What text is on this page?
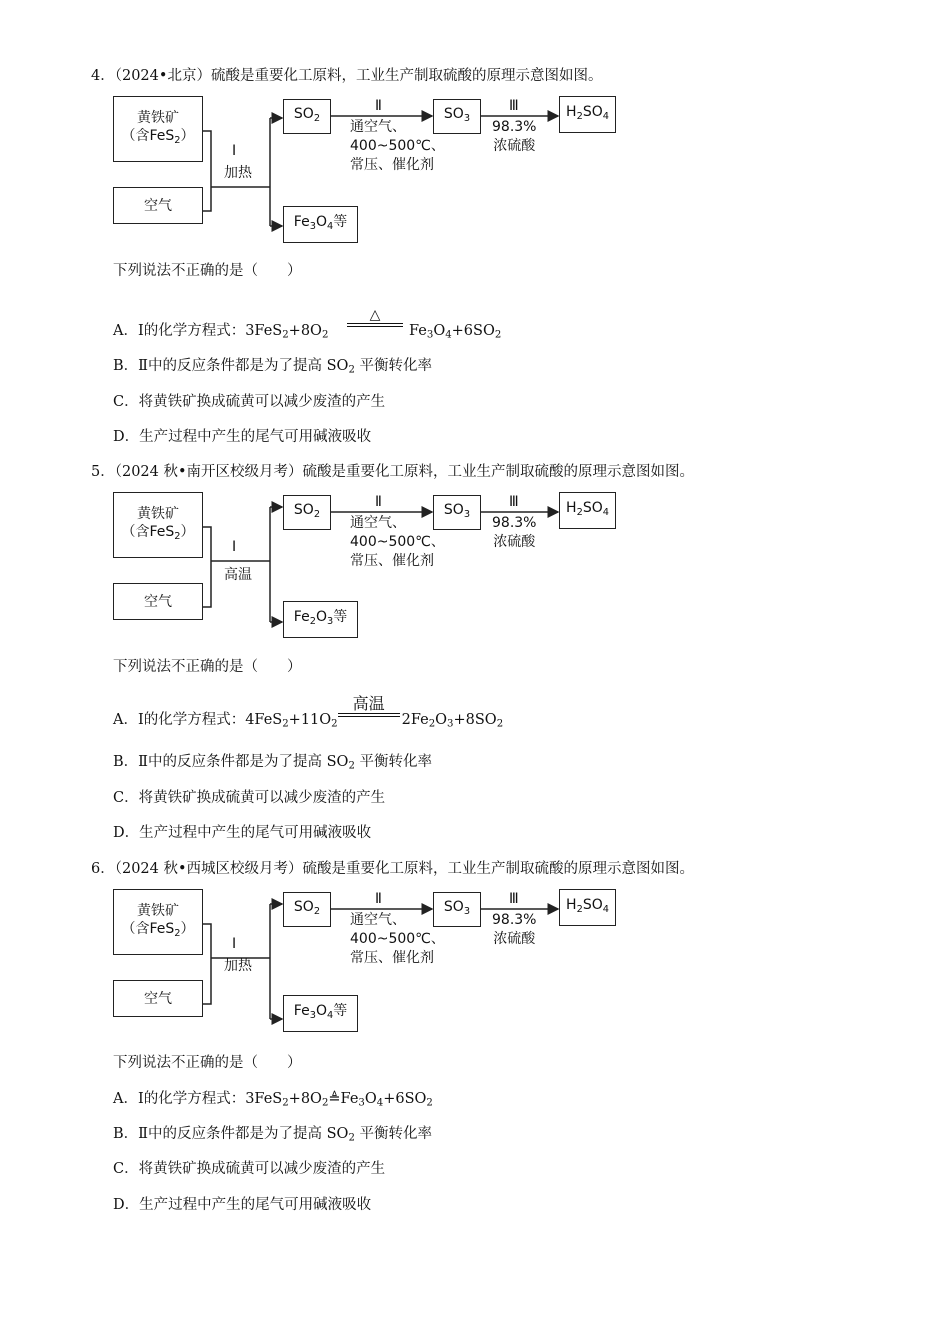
4．（2024•北京）硫酸是重要化工原料，工业生产制取硫酸的原理示意图如图。
黄铁矿
（含FeS$_2$）
空气
Ⅰ
加热
$SO_2$
Ⅱ
通空气、
400~500℃、
常压、催化剂
$SO_3$
Ⅲ
98.3%
浓硫酸
$H_2SO_4$
$Fe_3O_4$等
下列说法不正确的是（　　）
A．Ⅰ的化学方程式：$3FeS_2+8O_2$
△
$Fe_3O_4+6SO_2$
B．Ⅱ中的反应条件都是为了提高 $SO_2$ 平衡转化率
C．将黄铁矿换成硫黄可以减少废渣的产生
D．生产过程中产生的尾气可用碱液吸收
5．（2024 秋•南开区校级月考）硫酸是重要化工原料，工业生产制取硫酸的原理示意图如图。
黄铁矿
（含FeS$_2$）
空气
Ⅰ
高温
$SO_2$
Ⅱ
通空气、
400~500℃、
常压、催化剂
$SO_3$
Ⅲ
98.3%
浓硫酸
$H_2SO_4$
$Fe_2O_3$等
下列说法不正确的是（　　）
A．Ⅰ的化学方程式：$4FeS_2+11O_2$
高温
$2Fe_2O_3+8SO_2$
B．Ⅱ中的反应条件都是为了提高 $SO_2$ 平衡转化率
C．将黄铁矿换成硫黄可以减少废渣的产生
D．生产过程中产生的尾气可用碱液吸收
6．（2024 秋•西城区校级月考）硫酸是重要化工原料，工业生产制取硫酸的原理示意图如图。
黄铁矿
（含FeS$_2$）
空气
Ⅰ
加热
$SO_2$
Ⅱ
通空气、
400~500℃、
常压、催化剂
$SO_3$
Ⅲ
98.3%
浓硫酸
$H_2SO_4$
$Fe_3O_4$等
下列说法不正确的是（　　）
A．Ⅰ的化学方程式：$3FeS_2+8O_2≜Fe_3O_4+6SO_2$
B．Ⅱ中的反应条件都是为了提高 $SO_2$ 平衡转化率
C．将黄铁矿换成硫黄可以减少废渣的产生
D．生产过程中产生的尾气可用碱液吸收
